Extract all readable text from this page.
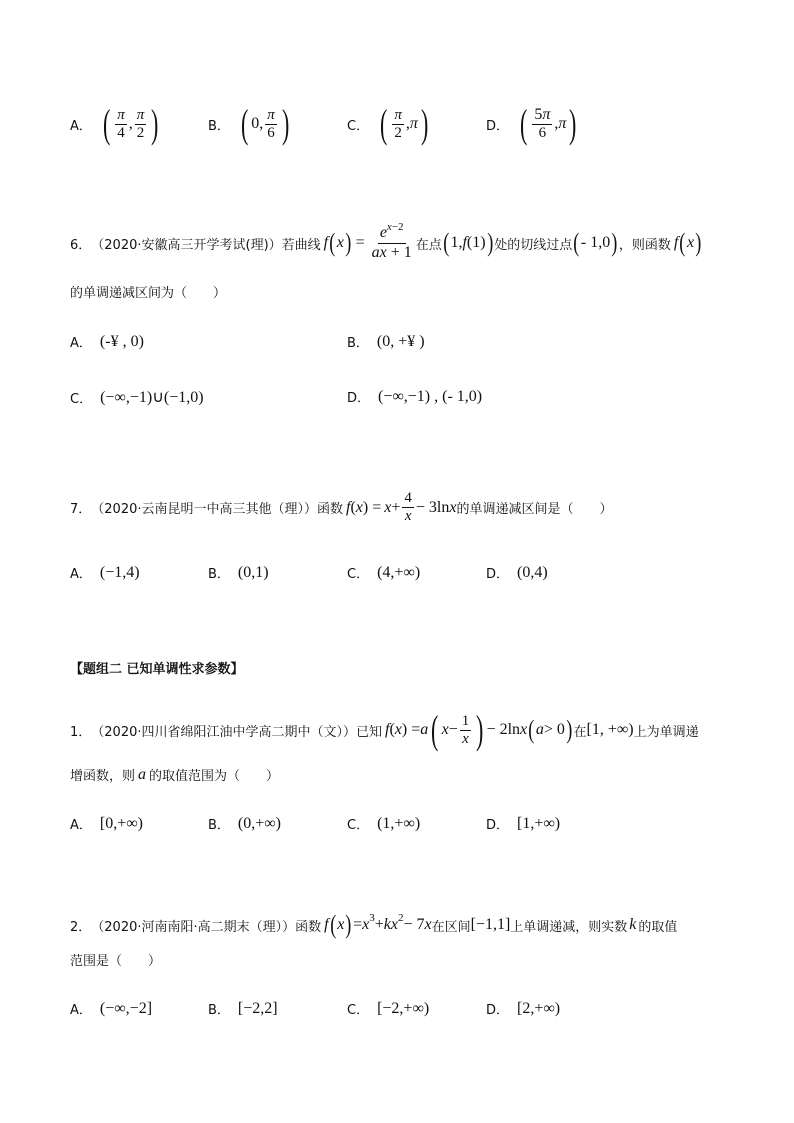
A． ( $\frac{\pi}{4}$ , $\frac{\pi}{2}$ )	B． ( 0, $\frac{\pi}{6}$ )	C． ( $\frac{\pi}{2}$ , π )	D． ( $\frac{5\pi}{6}$ , π )
6． （2020·安徽高三开学考试(理)） 若曲线 f ( x ) = $\frac{e^{x-2}}{ax + 1}$ 在点 ( 1, f (1) ) 处的切线过点 ( - 1,0 ) ，则函数 f ( x )
的单调递减区间为（　　）
A． (-¥ , 0)	B． (0, +¥ )
C． (−∞,−1)∪(−1,0)	D． (−∞,−1) , (- 1,0)
7． （2020·云南昆明一中高三其他（理）） 函数 f ( x ) = $x + \frac{4}{x} - 3\ln$ x 的单调递减区间是（　　）
A． (−1,4)	B． (0,1)	C． (4,+∞)	D． (0,4)
【题组二 已知单调性求参数】
1． （2020·四川省绵阳江油中学高二期中（文）） 已知 f ( x ) = a ( $x - \frac{1}{x}$ ) − 2ln x ( a > 0 ) 在 [1, +∞) 上为单调递
增函数，则 a 的取值范围为（　　）
A． [0,+∞)	B． (0,+∞)	C． (1,+∞)	D． [1,+∞)
2． （2020·河南南阳·高二期末（理）） 函数 f ( x ) = x 3 + kx 2 − 7 x 在区间 [−1,1] 上单调递减，则实数 k 的取值
范围是（　　）
A． (−∞,−2]	B． [−2,2]	C． [−2,+∞)	D． [2,+∞)
